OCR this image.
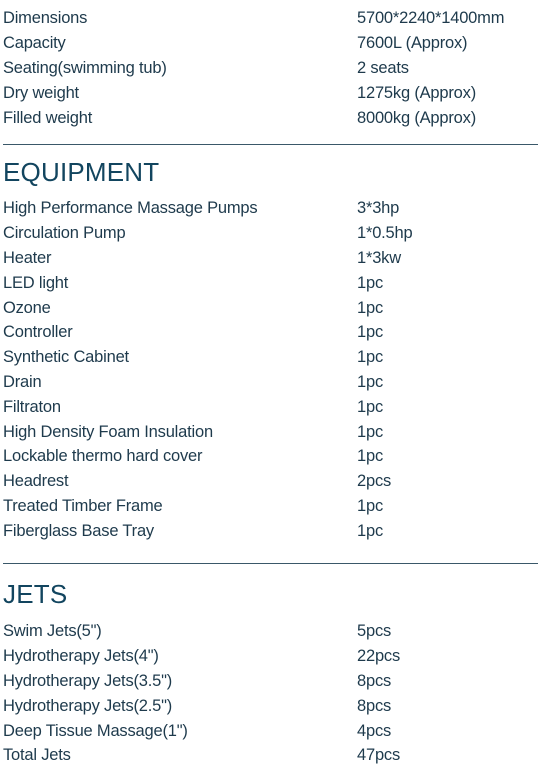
Dimensions	5700*2240*1400mm
Capacity	7600L (Approx)
Seating(swimming tub)	2 seats
Dry weight	1275kg (Approx)
Filled weight	8000kg (Approx)
EQUIPMENT
High Performance Massage Pumps	3*3hp
Circulation Pump	1*0.5hp
Heater	1*3kw
LED light	1pc
Ozone	1pc
Controller	1pc
Synthetic Cabinet	1pc
Drain	1pc
Filtraton	1pc
High Density Foam Insulation	1pc
Lockable thermo hard cover	1pc
Headrest	2pcs
Treated Timber Frame	1pc
Fiberglass Base Tray	1pc
JETS
Swim Jets(5")	5pcs
Hydrotherapy Jets(4")	22pcs
Hydrotherapy Jets(3.5")	8pcs
Hydrotherapy Jets(2.5")	8pcs
Deep Tissue Massage(1")	4pcs
Total Jets	47pcs
